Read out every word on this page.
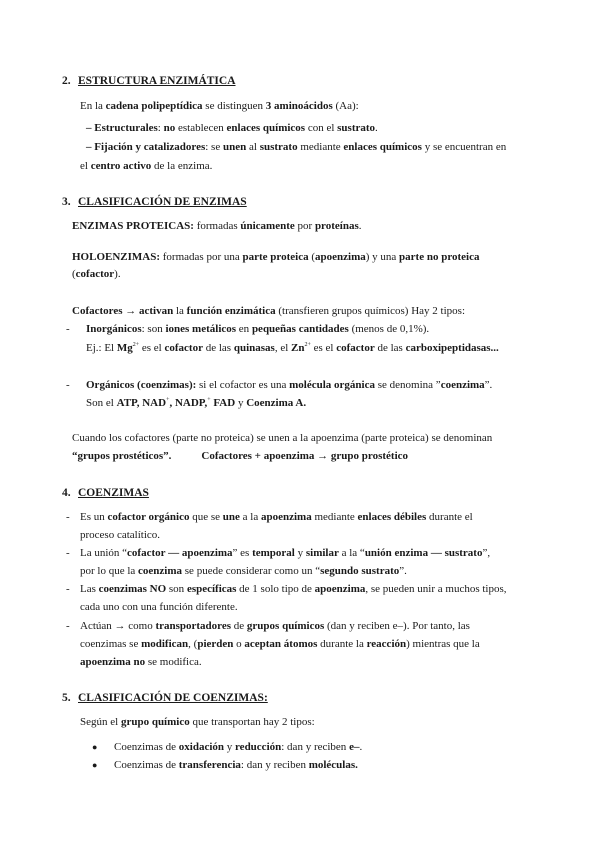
2. ESTRUCTURA ENZIMÁTICA
En la cadena polipeptídica se distinguen 3 aminoácidos (Aa):
– Estructurales: no establecen enlaces químicos con el sustrato.
– Fijación y catalizadores: se unen al sustrato mediante enlaces químicos y se encuentran en
el centro activo de la enzima.
3. CLASIFICACIÓN DE ENZIMAS
ENZIMAS PROTEICAS: formadas únicamente por proteínas.
HOLOENZIMAS: formadas por una parte proteica (apoenzima) y una parte no proteica
(cofactor).
Cofactores → activan la función enzimática (transfieren grupos químicos) Hay 2 tipos:
- Inorgánicos: son iones metálicos en pequeñas cantidades (menos de 0,1%).
Ej.: El $Mg^{2+}$ es el cofactor de las quinasas, el $Zn^{2+}$ es el cofactor de las carboxipeptidasas...
- Orgánicos (coenzimas): si el cofactor es una molécula orgánica se denomina ”coenzima”.
Son el ATP, NAD+, NADP,+ FAD y Coenzima A.
Cuando los cofactores (parte no proteica) se unen a la apoenzima (parte proteica) se denominan
“grupos prostéticos”.	Cofactores + apoenzima → grupo prostético
4. COENZIMAS
- Es un cofactor orgánico que se une a la apoenzima mediante enlaces débiles durante el
proceso catalítico.
- La unión “cofactor — apoenzima” es temporal y similar a la “unión enzima — sustrato”,
por lo que la coenzima se puede considerar como un “segundo sustrato”.
- Las coenzimas NO son específicas de 1 solo tipo de apoenzima, se pueden unir a muchos tipos,
cada uno con una función diferente.
- Actúan → como transportadores de grupos químicos (dan y reciben e–). Por tanto, las
coenzimas se modifican, (pierden o aceptan átomos durante la reacción) mientras que la
apoenzima no se modifica.
5. CLASIFICACIÓN DE COENZIMAS:
Según el grupo químico que transportan hay 2 tipos:
● Coenzimas de oxidación y reducción: dan y reciben e–.
● Coenzimas de transferencia: dan y reciben moléculas.
